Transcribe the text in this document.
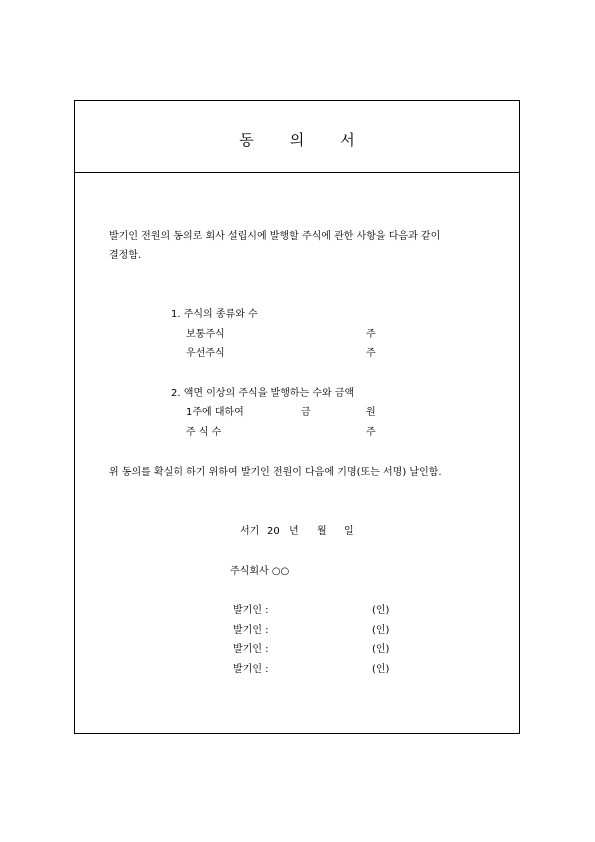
동 의 서
발기인 전원의 동의로 회사 설립시에 발행할 주식에 관한 사항을 다음과 같이
결정함.
1. 주식의 종류와 수
보통주식	주
우선주식	주
2. 액면 이상의 주식을 발행하는 수와 금액
1주에 대하여	금	원
주 식 수	주
위 동의를 확실히 하기 위하여 발기인 전원이 다음에 기명(또는 서명) 날인함.
서기 20 년 월 일
주식회사 ○○
발기인 :	(인)
발기인 :	(인)
발기인 :	(인)
발기인 :	(인)
